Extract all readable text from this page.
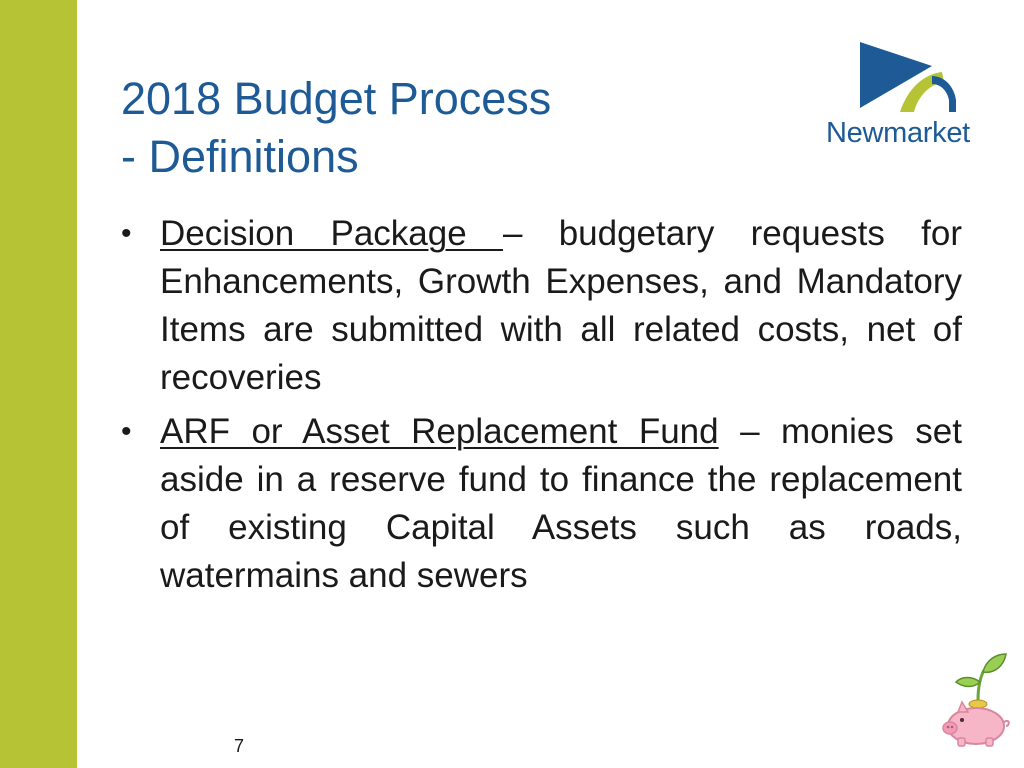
2018 Budget Process
- Definitions	Newmarket

• Decision Package – budgetary requests for Enhancements, Growth Expenses, and Mandatory Items are submitted with all related costs, net of recoveries

• ARF or Asset Replacement Fund – monies set aside in a reserve fund to finance the replacement of existing Capital Assets such as roads, watermains and sewers

7
